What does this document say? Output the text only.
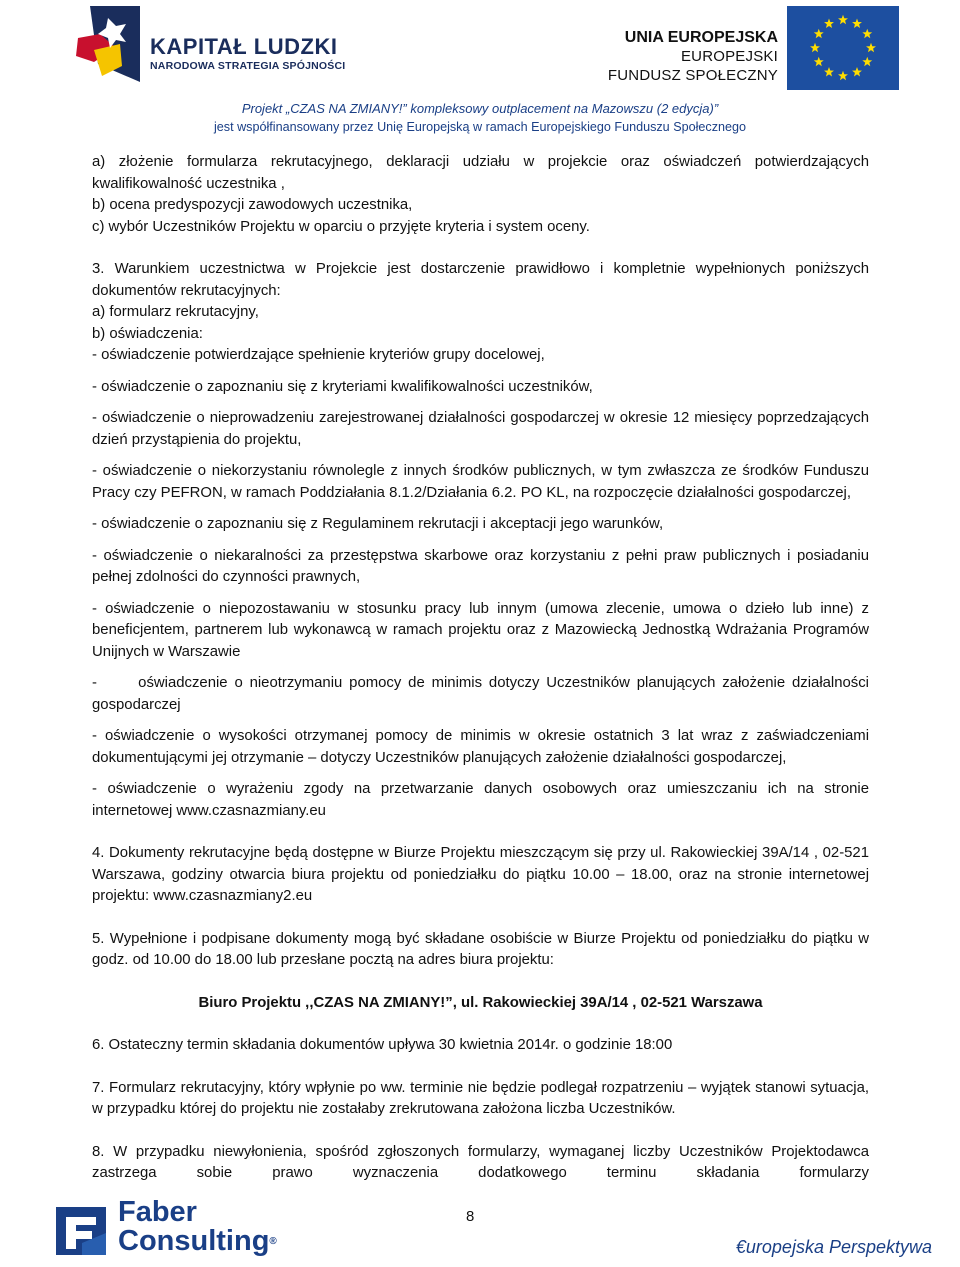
KAPITAŁ LUDZKI
NARODOWA STRATEGIA SPÓJNOŚCI
UNIA EUROPEJSKA
EUROPEJSKI
FUNDUSZ SPOŁECZNY
Projekt „CZAS NA ZMIANY!” kompleksowy outplacement na Mazowszu (2 edycja)”
jest współfinansowany przez Unię Europejską w ramach Europejskiego Funduszu Społecznego

a) złożenie formularza rekrutacyjnego, deklaracji udziału w projekcie oraz oświadczeń potwierdzających kwalifikowalność uczestnika ,

b) ocena predyspozycji zawodowych uczestnika,

c) wybór Uczestników Projektu w oparciu o przyjęte kryteria i system oceny.

3. Warunkiem uczestnictwa w Projekcie jest dostarczenie prawidłowo i kompletnie wypełnionych poniższych dokumentów rekrutacyjnych:

a) formularz rekrutacyjny,

b) oświadczenia:

- oświadczenie potwierdzające spełnienie kryteriów grupy docelowej,

- oświadczenie o zapoznaniu się z kryteriami kwalifikowalności uczestników,

- oświadczenie o nieprowadzeniu zarejestrowanej działalności gospodarczej w okresie 12 miesięcy poprzedzających dzień przystąpienia do projektu,

- oświadczenie o niekorzystaniu równolegle z innych środków publicznych, w tym zwłaszcza ze środków Funduszu Pracy czy PEFRON, w ramach Poddziałania 8.1.2/Działania 6.2. PO KL, na rozpoczęcie działalności gospodarczej,

- oświadczenie o zapoznaniu się z Regulaminem rekrutacji i akceptacji jego warunków,

- oświadczenie o niekaralności za przestępstwa skarbowe oraz korzystaniu z pełni praw publicznych i posiadaniu pełnej zdolności do czynności prawnych,

- oświadczenie o niepozostawaniu w stosunku pracy lub innym (umowa zlecenie, umowa o dzieło lub inne) z beneficjentem, partnerem lub wykonawcą w ramach projektu oraz z Mazowiecką Jednostką Wdrażania Programów Unijnych w Warszawie

-      oświadczenie o nieotrzymaniu pomocy de minimis dotyczy Uczestników planujących założenie działalności gospodarczej

- oświadczenie o wysokości otrzymanej pomocy de minimis w okresie ostatnich 3 lat wraz z zaświadczeniami dokumentującymi jej otrzymanie – dotyczy Uczestników planujących założenie działalności gospodarczej,

- oświadczenie o wyrażeniu zgody na przetwarzanie danych osobowych oraz umieszczaniu ich na stronie internetowej www.czasnazmiany.eu

4. Dokumenty rekrutacyjne będą dostępne w Biurze Projektu mieszczącym się przy ul. Rakowieckiej 39A/14 , 02-521 Warszawa, godziny otwarcia biura projektu od poniedziałku do piątku 10.00 – 18.00, oraz na stronie internetowej projektu: www.czasnazmiany2.eu

5. Wypełnione i podpisane dokumenty mogą być składane osobiście w Biurze Projektu od poniedziałku do piątku w godz. od 10.00 do 18.00 lub przesłane pocztą na adres biura projektu:

Biuro Projektu ,,CZAS NA ZMIANY!”, ul. Rakowieckiej 39A/14 , 02-521 Warszawa

6. Ostateczny termin składania dokumentów upływa 30 kwietnia 2014r. o godzinie 18:00

7. Formularz rekrutacyjny, który wpłynie po ww. terminie nie będzie podlegał rozpatrzeniu – wyjątek stanowi sytuacja, w przypadku której do projektu nie zostałaby zrekrutowana założona liczba Uczestników.

8. W przypadku niewyłonienia, spośród zgłoszonych formularzy, wymaganej liczby Uczestników Projektodawca zastrzega sobie prawo wyznaczenia dodatkowego terminu składania formularzy

Faber
Consulting®
8
€uropejska Perspektywa
